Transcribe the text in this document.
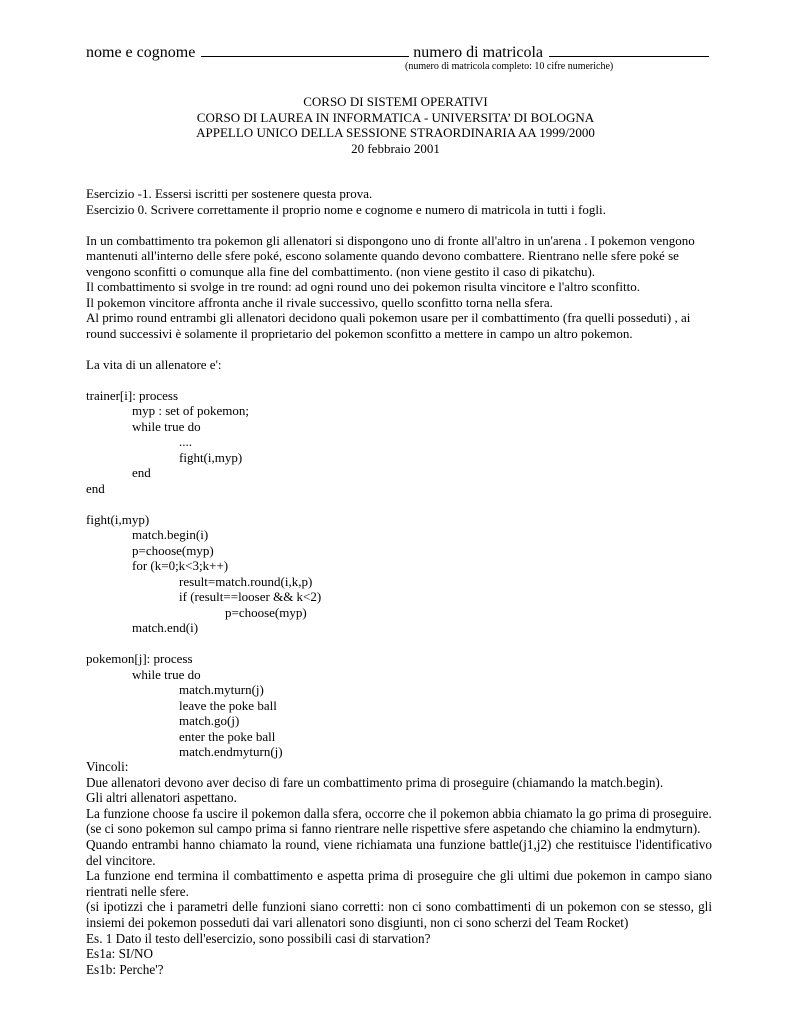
nome e cognome	numero di matricola
(numero di matricola completo: 10 cifre numeriche)
CORSO DI SISTEMI OPERATIVI
CORSO DI LAUREA IN INFORMATICA - UNIVERSITA’ DI BOLOGNA
APPELLO UNICO DELLA SESSIONE STRAORDINARIA AA 1999/2000
20 febbraio 2001
Esercizio -1. Essersi iscritti per sostenere questa prova.
Esercizio 0. Scrivere correttamente il proprio nome e cognome e numero di matricola in tutti i fogli.
In un combattimento tra pokemon gli allenatori si dispongono uno di fronte all'altro in un'arena . I pokemon vengono mantenuti all'interno delle sfere poké, escono solamente quando devono combattere. Rientrano nelle sfere poké se vengono sconfitti o comunque alla fine del combattimento. (non viene gestito il caso di pikatchu).
Il combattimento si svolge in tre round: ad ogni round uno dei pokemon risulta vincitore e l'altro sconfitto.
Il pokemon vincitore affronta anche il rivale successivo, quello sconfitto torna nella sfera.
Al primo round entrambi gli allenatori decidono quali pokemon usare per il combattimento (fra quelli posseduti) , ai round successivi è solamente il proprietario del pokemon sconfitto a mettere in campo un altro pokemon.
La vita di un allenatore e':
trainer[i]: process
myp : set of pokemon;
while true do
....
fight(i,myp)
end
end
fight(i,myp)
match.begin(i)
p=choose(myp)
for (k=0;k<3;k++)
result=match.round(i,k,p)
if (result==looser && k<2)
p=choose(myp)
match.end(i)
pokemon[j]: process
while true do
match.myturn(j)
leave the poke ball
match.go(j)
enter the poke ball
match.endmyturn(j)
Vincoli:
Due allenatori devono aver deciso di fare un combattimento prima di proseguire (chiamando la match.begin).
Gli altri allenatori aspettano.
La funzione choose fa uscire il pokemon dalla sfera, occorre che il pokemon abbia chiamato la go prima di proseguire.
(se ci sono pokemon sul campo prima si fanno rientrare nelle rispettive sfere aspetando che chiamino la endmyturn).
Quando entrambi hanno chiamato la round, viene richiamata una funzione battle(j1,j2) che restituisce l'identificativo del vincitore.
La funzione end termina il combattimento e aspetta prima di proseguire che gli ultimi due pokemon in campo siano rientrati nelle sfere.
(si ipotizzi che i parametri delle funzioni siano corretti: non ci sono combattimenti di un pokemon con se stesso, gli insiemi dei pokemon posseduti dai vari allenatori sono disgiunti, non ci sono scherzi del Team Rocket)
Es. 1 Dato il testo dell'esercizio, sono possibili casi di starvation?
Es1a: SI/NO
Es1b: Perche'?
